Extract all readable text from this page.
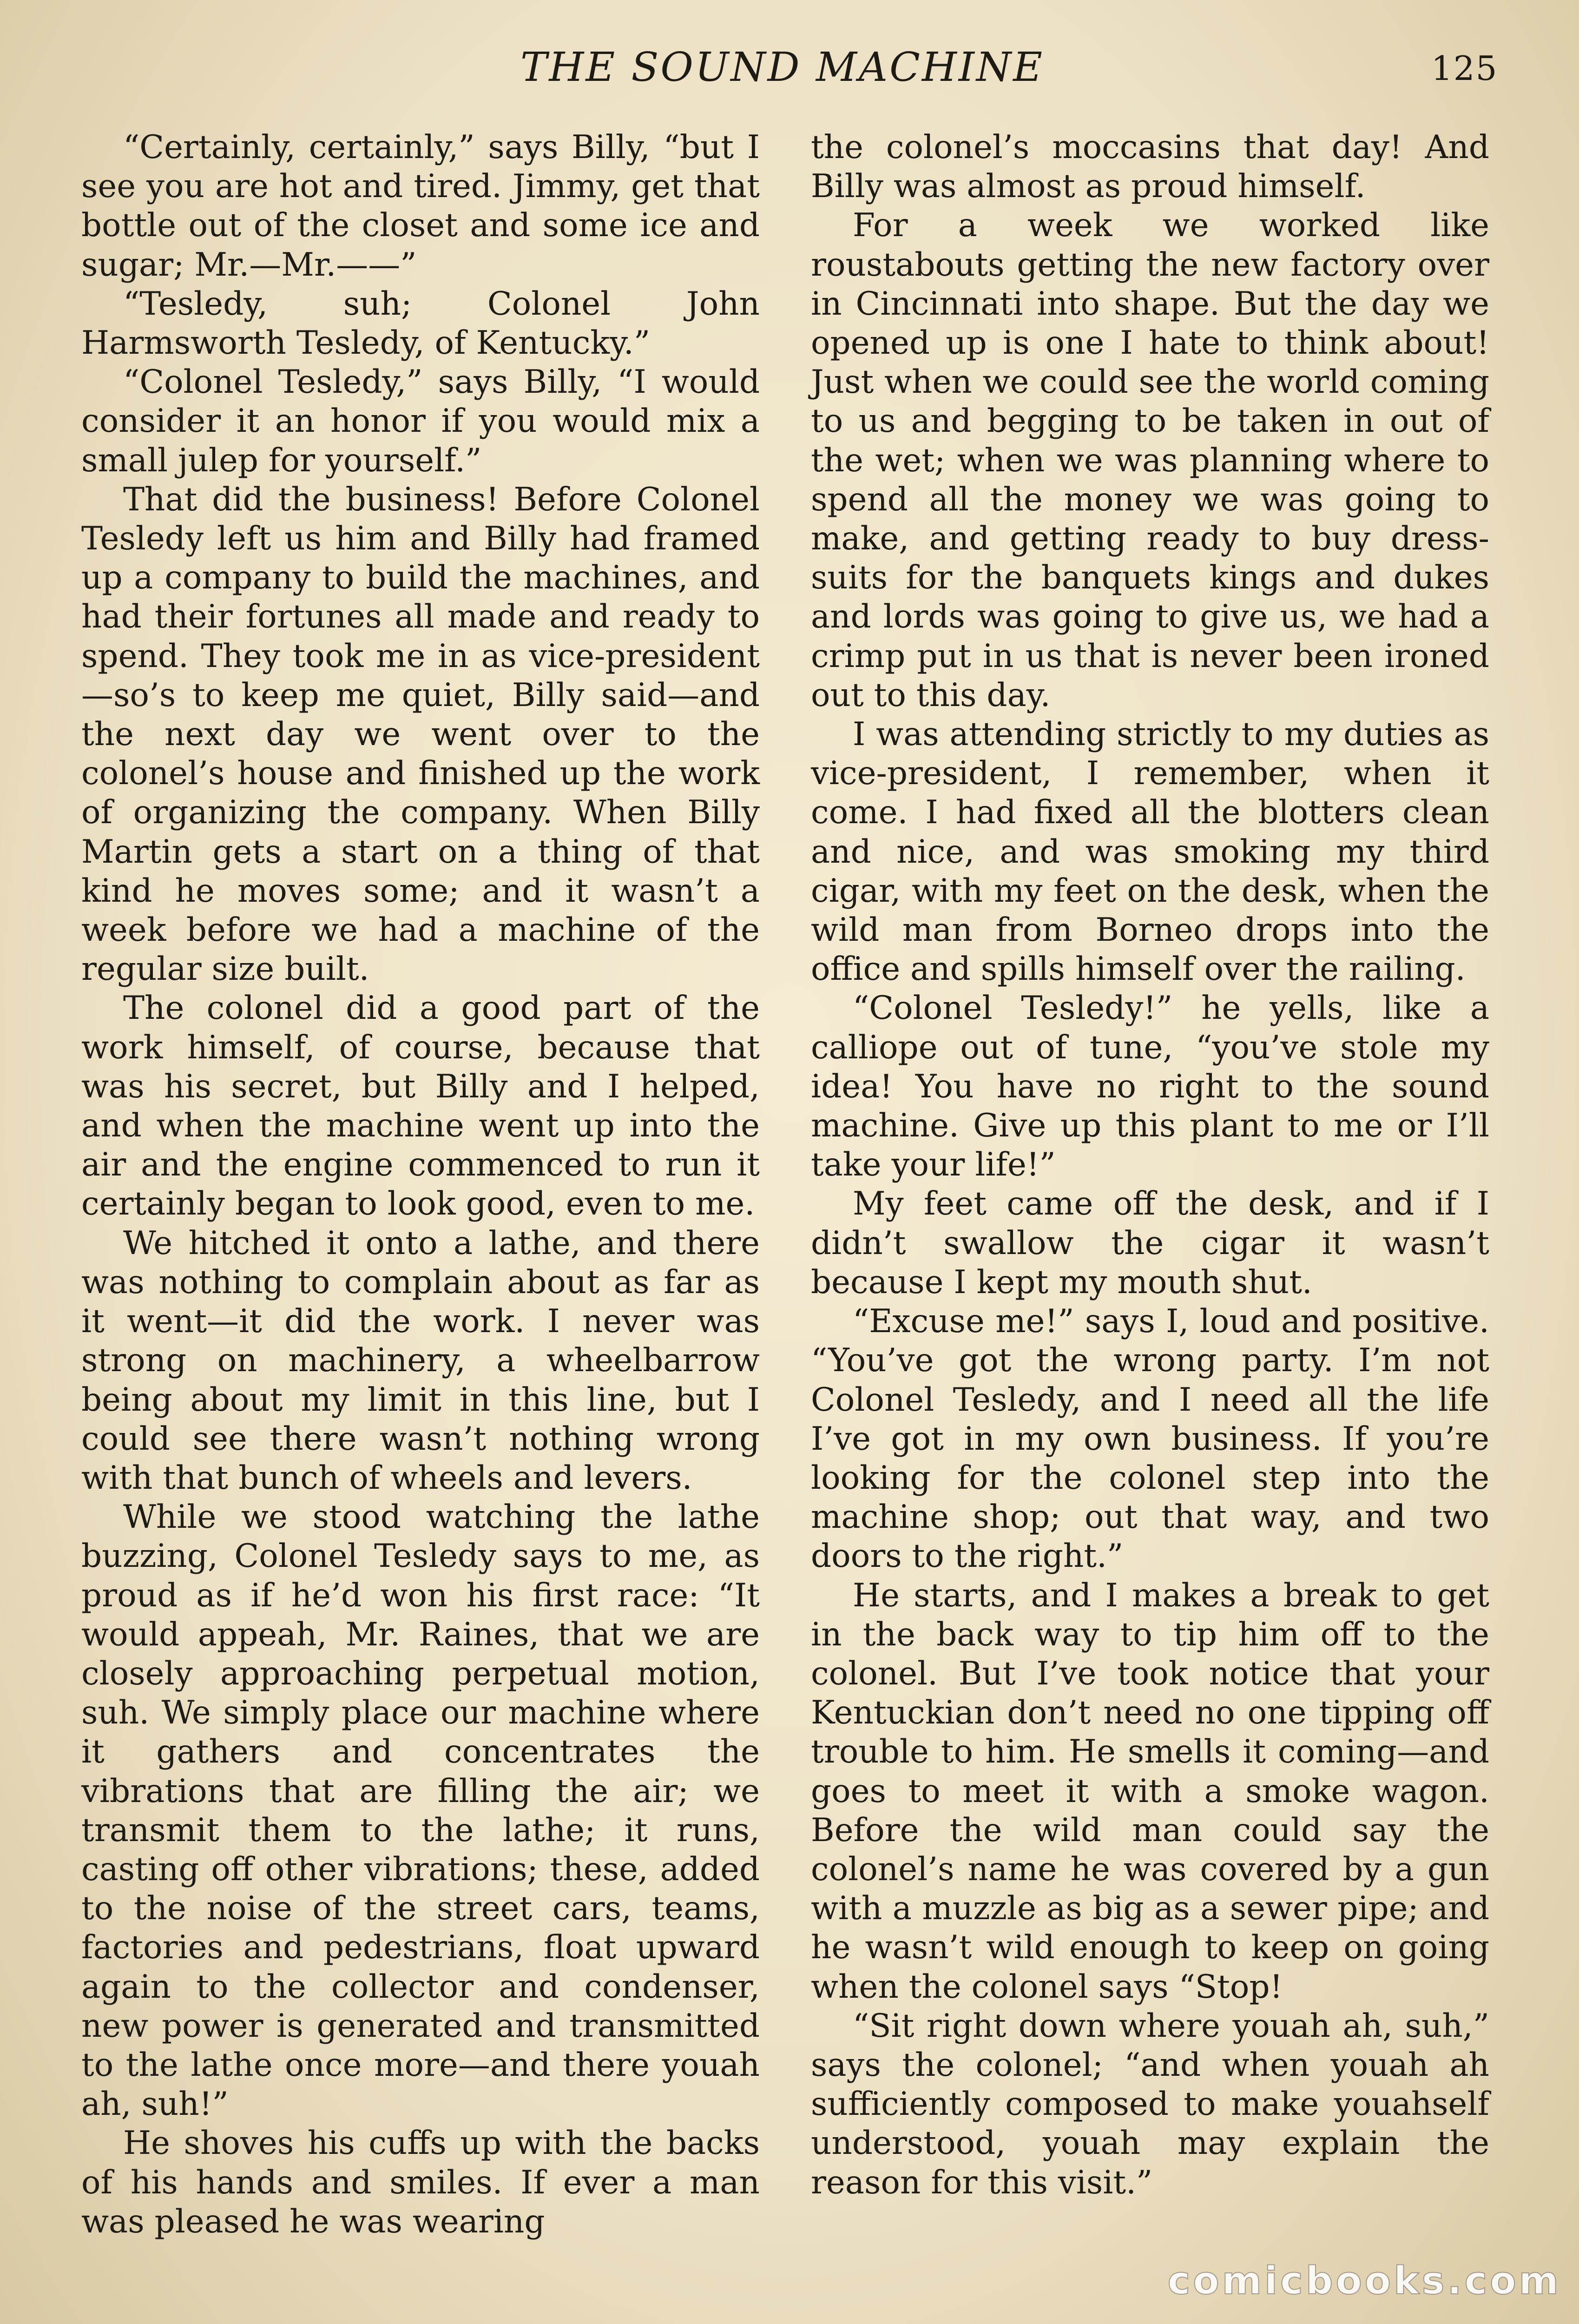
THE SOUND MACHINE	125

“Certainly, certainly,” says Billy, “but I see you are hot and tired. Jimmy, get that bottle out of the closet and some ice and sugar; Mr.—Mr.——”

“Tesledy, suh; Colonel John Harmsworth Tesledy, of Kentucky.”

“Colonel Tesledy,” says Billy, “I would consider it an honor if you would mix a small julep for yourself.”

That did the business! Before Colonel Tesledy left us him and Billy had framed up a company to build the machines, and had their fortunes all made and ready to spend. They took me in as vice-president—so’s to keep me quiet, Billy said—and the next day we went over to the colonel’s house and finished up the work of organizing the company. When Billy Martin gets a start on a thing of that kind he moves some; and it wasn’t a week before we had a machine of the regular size built.

The colonel did a good part of the work himself, of course, because that was his secret, but Billy and I helped, and when the machine went up into the air and the engine commenced to run it certainly began to look good, even to me.

We hitched it onto a lathe, and there was nothing to complain about as far as it went—it did the work. I never was strong on machinery, a wheelbarrow being about my limit in this line, but I could see there wasn’t nothing wrong with that bunch of wheels and levers.

While we stood watching the lathe buzzing, Colonel Tesledy says to me, as proud as if he’d won his first race: “It would appeah, Mr. Raines, that we are closely approaching perpetual motion, suh. We simply place our machine where it gathers and concentrates the vibrations that are filling the air; we transmit them to the lathe; it runs, casting off other vibrations; these, added to the noise of the street cars, teams, factories and pedestrians, float upward again to the collector and condenser, new power is generated and transmitted to the lathe once more—and there youah ah, suh!”

He shoves his cuffs up with the backs of his hands and smiles. If ever a man was pleased he was wearing

the colonel’s moccasins that day! And Billy was almost as proud himself.

For a week we worked like roustabouts getting the new factory over in Cincinnati into shape. But the day we opened up is one I hate to think about! Just when we could see the world coming to us and begging to be taken in out of the wet; when we was planning where to spend all the money we was going to make, and getting ready to buy dress-suits for the banquets kings and dukes and lords was going to give us, we had a crimp put in us that is never been ironed out to this day.

I was attending strictly to my duties as vice-president, I remember, when it come. I had fixed all the blotters clean and nice, and was smoking my third cigar, with my feet on the desk, when the wild man from Borneo drops into the office and spills himself over the railing.

“Colonel Tesledy!” he yells, like a calliope out of tune, “you’ve stole my idea! You have no right to the sound machine. Give up this plant to me or I’ll take your life!”

My feet came off the desk, and if I didn’t swallow the cigar it wasn’t because I kept my mouth shut.

“Excuse me!” says I, loud and positive. “You’ve got the wrong party. I’m not Colonel Tesledy, and I need all the life I’ve got in my own business. If you’re looking for the colonel step into the machine shop; out that way, and two doors to the right.”

He starts, and I makes a break to get in the back way to tip him off to the colonel. But I’ve took notice that your Kentuckian don’t need no one tipping off trouble to him. He smells it coming—and goes to meet it with a smoke wagon. Before the wild man could say the colonel’s name he was covered by a gun with a muzzle as big as a sewer pipe; and he wasn’t wild enough to keep on going when the colonel says “Stop!

“Sit right down where youah ah, suh,” says the colonel; “and when youah ah sufficiently composed to make youahself understood, youah may explain the reason for this visit.”

comicbooks.com
